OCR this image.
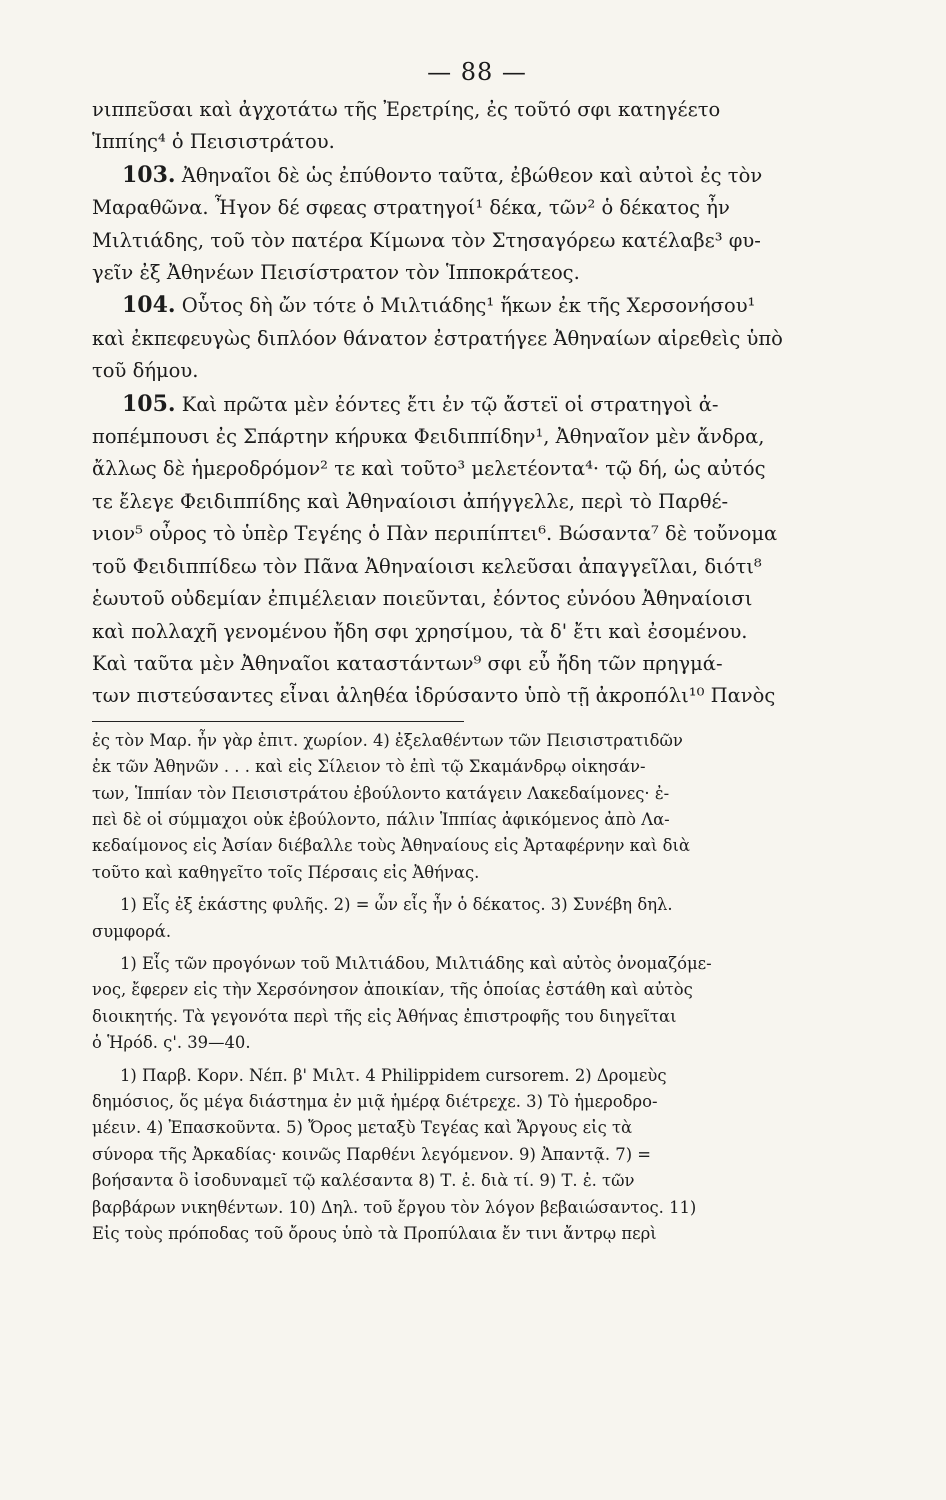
— 88 —

νιππεῦσαι καὶ ἀγχοτάτω τῆς Ἐρετρίης, ἐς τοῦτό σφι κατηγέετο

Ἱππίης⁴ ὁ Πεισιστράτου.

103. Ἀθηναῖοι δὲ ὡς ἐπύθοντο ταῦτα, ἐβώθεον καὶ αὐτοὶ ἐς τὸν

Μαραθῶνα. Ἦγον δέ σφεας στρατηγοί¹ δέκα, τῶν² ὁ δέκατος ἦν

Μιλτιάδης, τοῦ τὸν πατέρα Κίμωνα τὸν Στησαγόρεω κατέλαβε³ φυ-

γεῖν ἐξ Ἀθηνέων Πεισίστρατον τὸν Ἱπποκράτεος.

104. Οὗτος δὴ ὤν τότε ὁ Μιλτιάδης¹ ἥκων ἐκ τῆς Χερσονήσου¹

καὶ ἐκπεφευγὼς διπλόον θάνατον ἐστρατήγεε Ἀθηναίων αἱρεθεὶς ὑπὸ

τοῦ δήμου.

105. Καὶ πρῶτα μὲν ἐόντες ἔτι ἐν τῷ ἄστεϊ οἱ στρατηγοὶ ἀ-

ποπέμπουσι ἐς Σπάρτην κήρυκα Φειδιππίδην¹, Ἀθηναῖον μὲν ἄνδρα,

ἄλλως δὲ ἡμεροδρόμον² τε καὶ τοῦτο³ μελετέοντα⁴· τῷ δή, ὡς αὐτός

τε ἔλεγε Φειδιππίδης καὶ Ἀθηναίοισι ἀπήγγελλε, περὶ τὸ Παρθέ-

νιον⁵ οὖρος τὸ ὑπὲρ Τεγέης ὁ Πὰν περιπίπτει⁶. Βώσαντα⁷ δὲ τοὔνομα

τοῦ Φειδιππίδεω τὸν Πᾶνα Ἀθηναίοισι κελεῦσαι ἀπαγγεῖλαι, διότι⁸

ἑωυτοῦ οὐδεμίαν ἐπιμέλειαν ποιεῦνται, ἐόντος εὐνόου Ἀθηναίοισι

καὶ πολλαχῆ γενομένου ἤδη σφι χρησίμου, τὰ δ' ἔτι καὶ ἐσομένου.

Καὶ ταῦτα μὲν Ἀθηναῖοι καταστάντων⁹ σφι εὖ ἤδη τῶν πρηγμά-

των πιστεύσαντες εἶναι ἀληθέα ἱδρύσαντο ὑπὸ τῇ ἀκροπόλι¹⁰ Πανὸς

ἐς τὸν Μαρ. ἦν γὰρ ἐπιτ. χωρίον. 4) ἐξελαθέντων τῶν Πεισιστρατιδῶν

ἐκ τῶν Ἀθηνῶν . . . καὶ εἰς Σίλειον τὸ ἐπὶ τῷ Σκαμάνδρῳ οἰκησάν-

των, Ἱππίαν τὸν Πεισιστράτου ἐβούλοντο κατάγειν Λακεδαίμονες· ἐ-

πεὶ δὲ οἱ σύμμαχοι οὐκ ἐβούλοντο, πάλιν Ἱππίας ἀφικόμενος ἀπὸ Λα-

κεδαίμονος εἰς Ἀσίαν διέβαλλε τοὺς Ἀθηναίους εἰς Ἀρταφέρνην καὶ διὰ

τοῦτο καὶ καθηγεῖτο τοῖς Πέρσαις εἰς Ἀθήνας.

1) Εἷς ἐξ ἑκάστης φυλῆς. 2) = ὧν εἷς ἦν ὁ δέκατος. 3) Συνέβη δηλ.

συμφορά.

1) Εἷς τῶν προγόνων τοῦ Μιλτιάδου, Μιλτιάδης καὶ αὐτὸς ὀνομαζόμε-

νος, ἔφερεν εἰς τὴν Χερσόνησον ἀποικίαν, τῆς ὁποίας ἐστάθη καὶ αὐτὸς

διοικητής. Τὰ γεγονότα περὶ τῆς εἰς Ἀθήνας ἐπιστροφῆς του διηγεῖται

ὁ Ἡρόδ. ς'. 39—40.

1) Παρβ. Κορν. Νέπ. β' Μιλτ. 4 Philippidem cursorem. 2) Δρομεὺς

δημόσιος, ὅς μέγα διάστημα ἐν μιᾷ ἡμέρᾳ διέτρεχε. 3) Τὸ ἡμεροδρο-

μέειν. 4) Ἐπασκοῦντα. 5) Ὄρος μεταξὺ Τεγέας καὶ Ἄργους εἰς τὰ

σύνορα τῆς Ἀρκαδίας· κοινῶς Παρθένι λεγόμενον. 9) Ἀπαντᾷ. 7) =

βοήσαντα ὃ ἰσοδυναμεῖ τῷ καλέσαντα 8) Τ. ἐ. διὰ τί. 9) Τ. ἐ. τῶν

βαρβάρων νικηθέντων. 10) Δηλ. τοῦ ἔργου τὸν λόγον βεβαιώσαντος. 11)

Εἰς τοὺς πρόποδας τοῦ ὄρους ὑπὸ τὰ Προπύλαια ἔν τινι ἄντρῳ περὶ
